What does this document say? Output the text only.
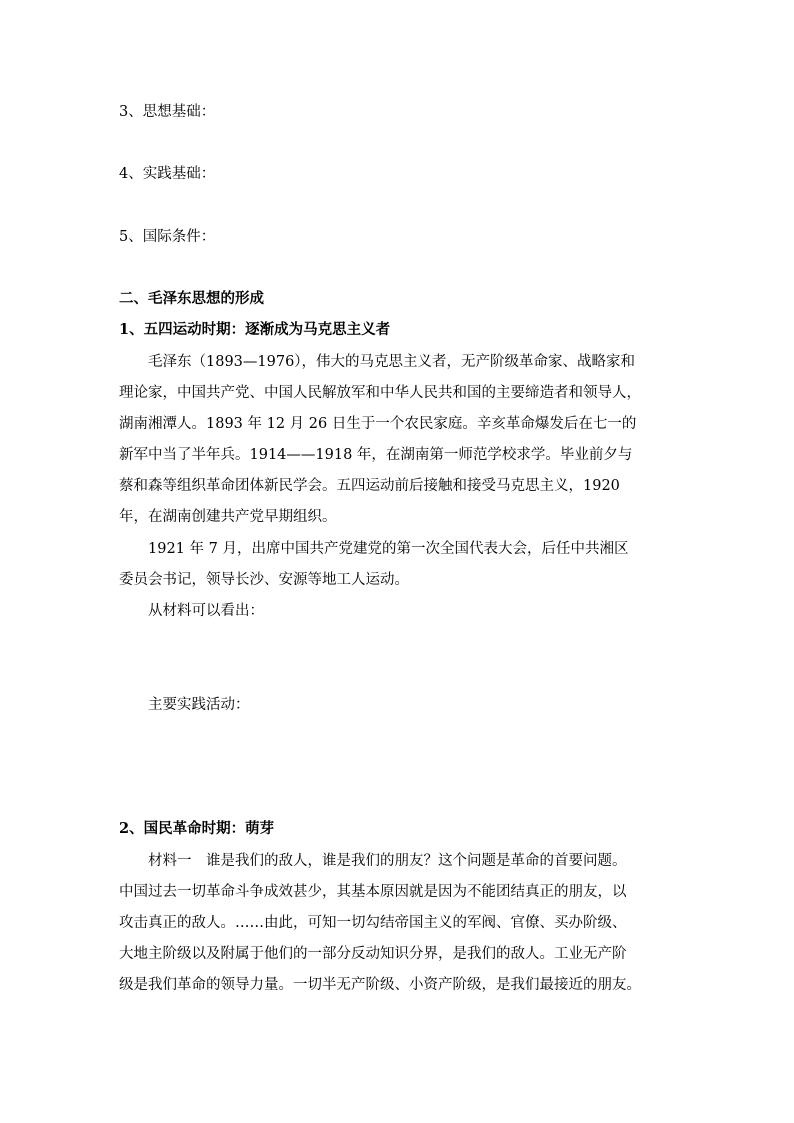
3、思想基础：
4、实践基础：
5、国际条件：
二、毛泽东思想的形成
1、五四运动时期：逐渐成为马克思主义者
毛泽东（1893—1976），伟大的马克思主义者，无产阶级革命家、战略家和
理论家，中国共产党、中国人民解放军和中华人民共和国的主要缔造者和领导人，
湖南湘潭人。1893 年 12 月 26 日生于一个农民家庭。辛亥革命爆发后在七一的
新军中当了半年兵。1914——1918 年，在湖南第一师范学校求学。毕业前夕与
蔡和森等组织革命团体新民学会。五四运动前后接触和接受马克思主义，1920
年，在湖南创建共产党早期组织。
1921 年 7 月，出席中国共产党建党的第一次全国代表大会，后任中共湘区
委员会书记，领导长沙、安源等地工人运动。
从材料可以看出：
主要实践活动：
2、国民革命时期：萌芽
材料一　谁是我们的敌人，谁是我们的朋友？这个问题是革命的首要问题。
中国过去一切革命斗争成效甚少，其基本原因就是因为不能团结真正的朋友，以
攻击真正的敌人。……由此，可知一切勾结帝国主义的军阀、官僚、买办阶级、
大地主阶级以及附属于他们的一部分反动知识分界，是我们的敌人。工业无产阶
级是我们革命的领导力量。一切半无产阶级、小资产阶级，是我们最接近的朋友。
